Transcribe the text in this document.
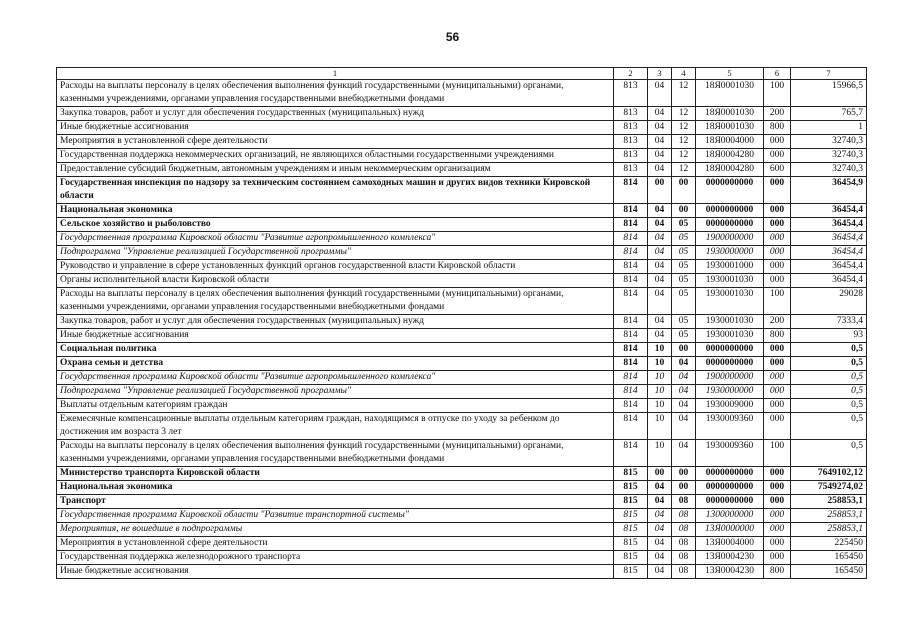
56
1	2	3	4	5	6	7
Расходы на выплаты персоналу в целях обеспечения выполнения функций государственными (муниципальными) органами, казенными учреждениями, органами управления государственными внебюджетными фондами	813	04	12	18Я0001030	100	15966,5
Закупка товаров, работ и услуг для обеспечения государственных (муниципальных) нужд	813	04	12	18Я0001030	200	765,7
Иные бюджетные ассигнования	813	04	12	18Я0001030	800	1
Мероприятия в установленной сфере деятельности	813	04	12	18Я0004000	000	32740,3
Государственная поддержка некоммерческих организаций, не являющихся областными государственными учреждениями	813	04	12	18Я0004280	000	32740,3
Предоставление субсидий бюджетным, автономным учреждениям и иным некоммерческим организациям	813	04	12	18Я0004280	600	32740,3
Государственная инспекция по надзору за техническим состоянием самоходных машин и других видов техники Кировской области	814	00	00	0000000000	000	36454,9
Национальная экономика	814	04	00	0000000000	000	36454,4
Сельское хозяйство и рыболовство	814	04	05	0000000000	000	36454,4
Государственная программа Кировской области "Развитие агропромышленного комплекса"	814	04	05	1900000000	000	36454,4
Подпрограмма "Управление реализацией Государственной программы"	814	04	05	1930000000	000	36454,4
Руководство и управление в сфере установленных функций органов государственной власти Кировской области	814	04	05	1930001000	000	36454,4
Органы исполнительной власти Кировской области	814	04	05	1930001030	000	36454,4
Расходы на выплаты персоналу в целях обеспечения выполнения функций государственными (муниципальными) органами, казенными учреждениями, органами управления государственными внебюджетными фондами	814	04	05	1930001030	100	29028
Закупка товаров, работ и услуг для обеспечения государственных (муниципальных) нужд	814	04	05	1930001030	200	7333,4
Иные бюджетные ассигнования	814	04	05	1930001030	800	93
Социальная политика	814	10	00	0000000000	000	0,5
Охрана семьи и детства	814	10	04	0000000000	000	0,5
Государственная программа Кировской области "Развитие агропромышленного комплекса"	814	10	04	1900000000	000	0,5
Подпрограмма "Управление реализацией Государственной программы"	814	10	04	1930000000	000	0,5
Выплаты отдельным категориям граждан	814	10	04	1930009000	000	0,5
Ежемесячные компенсационные выплаты отдельным категориям граждан, находящимся в отпуске по уходу за ребенком до достижения им возраста 3 лет	814	10	04	1930009360	000	0,5
Расходы на выплаты персоналу в целях обеспечения выполнения функций государственными (муниципальными) органами, казенными учреждениями, органами управления государственными внебюджетными фондами	814	10	04	1930009360	100	0,5
Министерство транспорта Кировской области	815	00	00	0000000000	000	7649102,12
Национальная экономика	815	04	00	0000000000	000	7549274,02
Транспорт	815	04	08	0000000000	000	258853,1
Государственная программа Кировской области "Развитие транспортной системы"	815	04	08	1300000000	000	258853,1
Мероприятия, не вошедшие в подпрограммы	815	04	08	13Я0000000	000	258853,1
Мероприятия в установленной сфере деятельности	815	04	08	13Я0004000	000	225450
Государственная поддержка железнодорожного транспорта	815	04	08	13Я0004230	000	165450
Иные бюджетные ассигнования	815	04	08	13Я0004230	800	165450
